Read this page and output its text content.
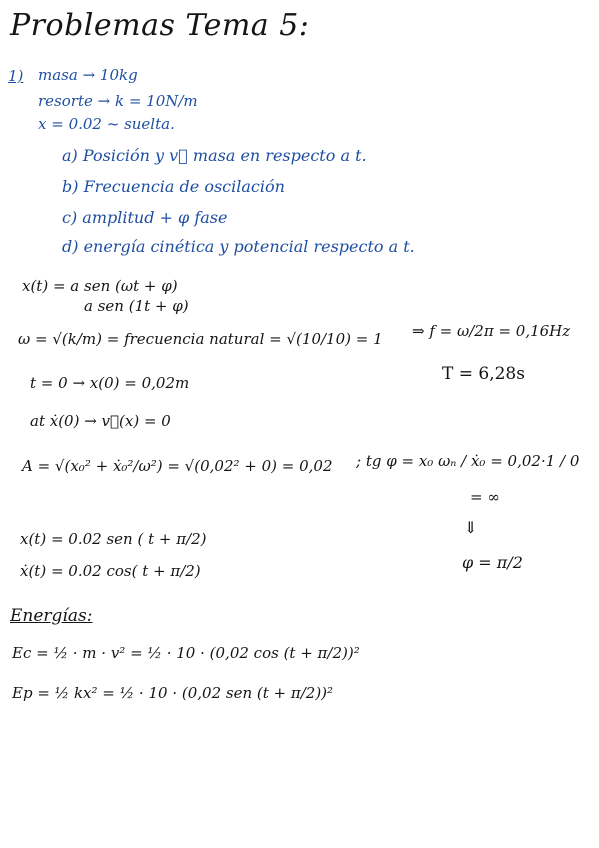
Problemas Tema 5:
1) masa → 10kg
resorte → k = 10N/m
x = 0.02 ~ suelta.
a) Posición y v⃗ masa en respecto a t.
b) Frecuencia de oscilación
c) amplitud + φ fase
d) energía cinética y potencial respecto a t.
x(t) = a sen (ωt + φ)
a sen (1t + φ)
ω = √(k/m) = frecuencia natural = √(10/10) = 1 ⇒ f = ω/2π = 0,16Hz
T = 6,28s
t = 0 → x(0) = 0,02m
at ẋ(0) → v⃗(x) = 0
A = √(x₀² + ẋ₀²/ω²) = √(0,02² + 0) = 0,02 ; tg φ = x₀ ωₙ / ẋ₀ = 0,02·1 / 0
= ∞
⇓
φ = π/2
x(t) = 0.02 sen ( t + π/2)
ẋ(t) = 0.02 cos( t + π/2)
Energías:
Ec = ½ · m · v² = ½ · 10 · (0,02 cos (t + π/2))²
Ep = ½ kx² = ½ · 10 · (0,02 sen (t + π/2))²
